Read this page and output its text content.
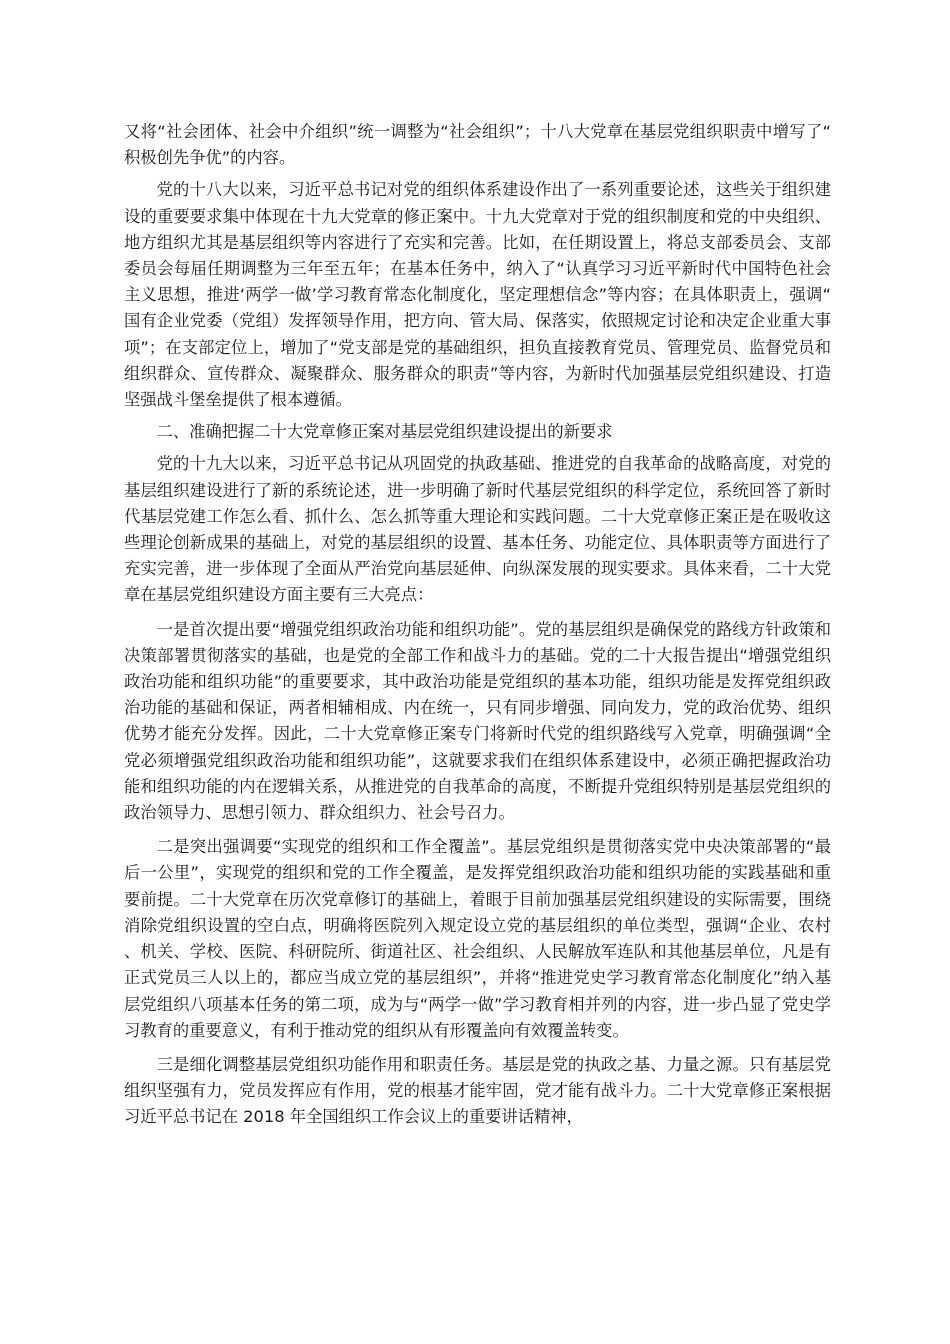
又将“社会团体、社会中介组织”统一调整为“社会组织”；十八大党章在基层党组织职责中增写了“积极创先争优”的内容。

党的十八大以来，习近平总书记对党的组织体系建设作出了一系列重要论述，这些关于组织建设的重要要求集中体现在十九大党章的修正案中。十九大党章对于党的组织制度和党的中央组织、地方组织尤其是基层组织等内容进行了充实和完善。比如，在任期设置上，将总支部委员会、支部委员会每届任期调整为三年至五年；在基本任务中，纳入了“认真学习习近平新时代中国特色社会主义思想，推进‘两学一做’学习教育常态化制度化，坚定理想信念”等内容；在具体职责上，强调“国有企业党委（党组）发挥领导作用，把方向、管大局、保落实，依照规定讨论和决定企业重大事项”；在支部定位上，增加了“党支部是党的基础组织，担负直接教育党员、管理党员、监督党员和组织群众、宣传群众、凝聚群众、服务群众的职责”等内容，为新时代加强基层党组织建设、打造坚强战斗堡垒提供了根本遵循。

二、准确把握二十大党章修正案对基层党组织建设提出的新要求

党的十九大以来，习近平总书记从巩固党的执政基础、推进党的自我革命的战略高度，对党的基层组织建设进行了新的系统论述，进一步明确了新时代基层党组织的科学定位，系统回答了新时代基层党建工作怎么看、抓什么、怎么抓等重大理论和实践问题。二十大党章修正案正是在吸收这些理论创新成果的基础上，对党的基层组织的设置、基本任务、功能定位、具体职责等方面进行了充实完善，进一步体现了全面从严治党向基层延伸、向纵深发展的现实要求。具体来看，二十大党章在基层党组织建设方面主要有三大亮点：

一是首次提出要“增强党组织政治功能和组织功能”。党的基层组织是确保党的路线方针政策和决策部署贯彻落实的基础，也是党的全部工作和战斗力的基础。党的二十大报告提出“增强党组织政治功能和组织功能”的重要要求，其中政治功能是党组织的基本功能，组织功能是发挥党组织政治功能的基础和保证，两者相辅相成、内在统一，只有同步增强、同向发力，党的政治优势、组织优势才能充分发挥。因此，二十大党章修正案专门将新时代党的组织路线写入党章，明确强调“全党必须增强党组织政治功能和组织功能”，这就要求我们在组织体系建设中，必须正确把握政治功能和组织功能的内在逻辑关系，从推进党的自我革命的高度，不断提升党组织特别是基层党组织的政治领导力、思想引领力、群众组织力、社会号召力。

二是突出强调要“实现党的组织和工作全覆盖”。基层党组织是贯彻落实党中央决策部署的“最后一公里”，实现党的组织和党的工作全覆盖，是发挥党组织政治功能和组织功能的实践基础和重要前提。二十大党章在历次党章修订的基础上，着眼于目前加强基层党组织建设的实际需要，围绕消除党组织设置的空白点，明确将医院列入规定设立党的基层组织的单位类型，强调“企业、农村、机关、学校、医院、科研院所、街道社区、社会组织、人民解放军连队和其他基层单位，凡是有正式党员三人以上的，都应当成立党的基层组织”，并将“推进党史学习教育常态化制度化”纳入基层党组织八项基本任务的第二项，成为与“两学一做”学习教育相并列的内容，进一步凸显了党史学习教育的重要意义，有利于推动党的组织从有形覆盖向有效覆盖转变。

三是细化调整基层党组织功能作用和职责任务。基层是党的执政之基、力量之源。只有基层党组织坚强有力，党员发挥应有作用，党的根基才能牢固，党才能有战斗力。二十大党章修正案根据习近平总书记在 2018 年全国组织工作会议上的重要讲话精神，
